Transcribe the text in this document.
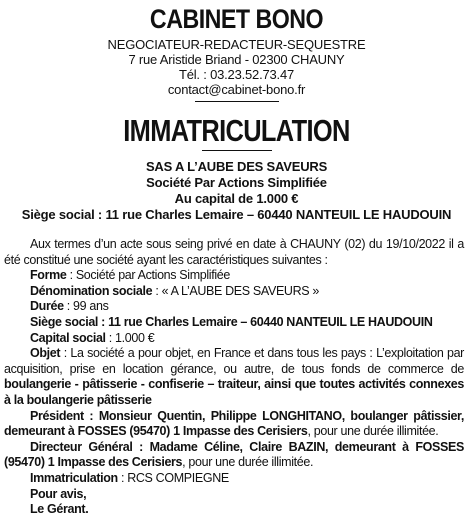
CABINET BONO
NEGOCIATEUR-REDACTEUR-SEQUESTRE
7 rue Aristide Briand - 02300 CHAUNY
Tél. : 03.23.52.73.47
contact@cabinet-bono.fr
IMMATRICULATION
SAS A L’AUBE DES SAVEURS
Société Par Actions Simplifiée
Au capital de 1.000 €
Siège social : 11 rue Charles Lemaire – 60440 NANTEUIL LE HAUDOUIN
Aux termes d’un acte sous seing privé en date à CHAUNY (02) du 19/10/2022 il a été constitué une société ayant les caractéristiques suivantes :
Forme : Société par Actions Simplifiée
Dénomination sociale : « A L’AUBE DES SAVEURS »
Durée : 99 ans
Siège social : 11 rue Charles Lemaire – 60440 NANTEUIL LE HAUDOUIN
Capital social : 1.000 €
Objet : La société a pour objet, en France et dans tous les pays : L’exploitation par acquisition, prise en location gérance, ou autre, de tous fonds de commerce de boulangerie - pâtisserie - confiserie – traiteur, ainsi que toutes activités connexes à la boulangerie pâtisserie
Président : Monsieur Quentin, Philippe LONGHITANO, boulanger pâtissier, demeurant à FOSSES (95470) 1 Impasse des Cerisiers, pour une durée illimitée.
Directeur Général : Madame Céline, Claire BAZIN, demeurant à FOSSES (95470) 1 Impasse des Cerisiers, pour une durée illimitée.
Immatriculation : RCS COMPIEGNE
Pour avis,
Le Gérant.
